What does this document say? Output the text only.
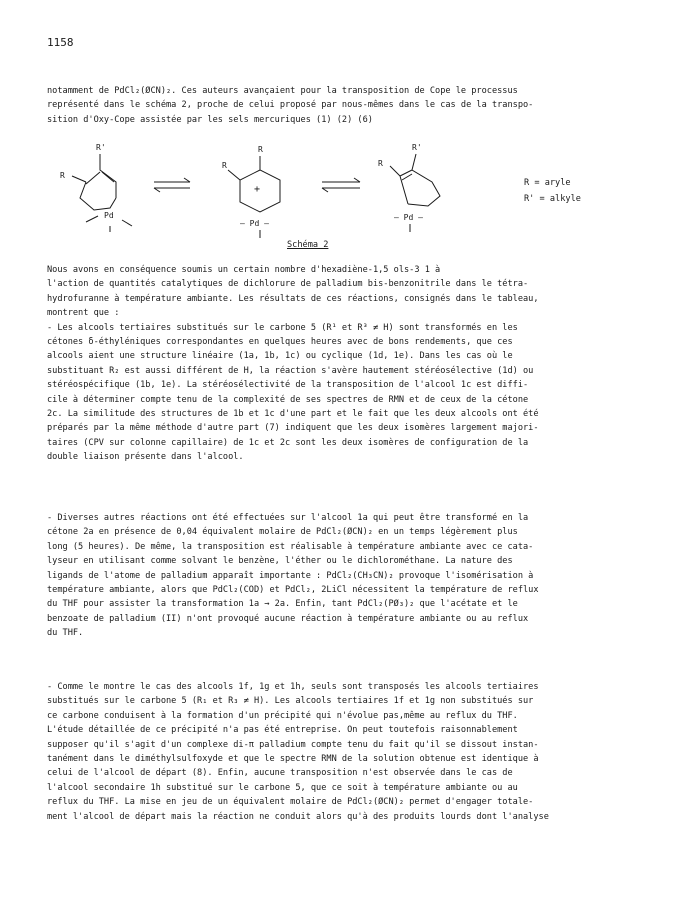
1158

notamment de PdCl₂(ØCN)₂. Ces auteurs avançaient pour la transposition de Cope le processus
représenté dans le schéma 2, proche de celui proposé par nous-mêmes dans le cas de la transpo-
sition d'Oxy-Cope assistée par les sels mercuriques (1) (2) (6)

R'
R
Pd
R
R
+
– Pd –
R'
R
– Pd –
R = aryle
R' = alkyle
Schéma 2

Nous avons en conséquence soumis un certain nombre d'hexadiène-1,5 ols-3 1 à
l'action de quantités catalytiques de dichlorure de palladium bis-benzonitrile dans le tétra-
hydrofuranne à température ambiante. Les résultats de ces réactions, consignés dans le tableau,
montrent que :
- Les alcools tertiaires substitués sur le carbone 5 (R¹ et R³ ≠ H) sont transformés en les
cétones δ-éthyléniques correspondantes en quelques heures avec de bons rendements, que ces
alcools aient une structure linéaire (1a, 1b, 1c) ou cyclique (1d, 1e). Dans les cas où le
substituant R₂ est aussi différent de H, la réaction s'avère hautement stéréosélective (1d) ou
stéréospécifique (1b, 1e). La stéréosélectivité de la transposition de l'alcool 1c est diffi-
cile à déterminer compte tenu de la complexité de ses spectres de RMN et de ceux de la cétone
2c. La similitude des structures de 1b et 1c d'une part et le fait que les deux alcools ont été
préparés par la même méthode d'autre part (7) indiquent que les deux isomères largement majori-
taires (CPV sur colonne capillaire) de 1c et 2c sont les deux isomères de configuration de la
double liaison présente dans l'alcool.

- Diverses autres réactions ont été effectuées sur l'alcool 1a qui peut être transformé en la
cétone 2a en présence de 0,04 équivalent molaire de PdCl₂(ØCN)₂ en un temps légèrement plus
long (5 heures). De même, la transposition est réalisable à température ambiante avec ce cata-
lyseur en utilisant comme solvant le benzène, l'éther ou le dichlorométhane. La nature des
ligands de l'atome de palladium apparaît importante : PdCl₂(CH₃CN)₂ provoque l'isomérisation à
température ambiante, alors que PdCl₂(COD) et PdCl₂, 2LiCl nécessitent la température de reflux
du THF pour assister la transformation 1a → 2a. Enfin, tant PdCl₂(PØ₃)₂ que l'acétate et le
benzoate de palladium (II) n'ont provoqué aucune réaction à température ambiante ou au reflux
du THF.

- Comme le montre le cas des alcools 1f, 1g et 1h, seuls sont transposés les alcools tertiaires
substitués sur le carbone 5 (R₁ et R₃ ≠ H). Les alcools tertiaires 1f et 1g non substitués sur
ce carbone conduisent à la formation d'un précipité qui n'évolue pas,même au reflux du THF.
L'étude détaillée de ce précipité n'a pas été entreprise. On peut toutefois raisonnablement
supposer qu'il s'agit d'un complexe di-π palladium compte tenu du fait qu'il se dissout instan-
tanément dans le diméthylsulfoxyde et que le spectre RMN de la solution obtenue est identique à
celui de l'alcool de départ (8). Enfin, aucune transposition n'est observée dans le cas de
l'alcool secondaire 1h substitué sur le carbone 5, que ce soit à température ambiante ou au
reflux du THF. La mise en jeu de un équivalent molaire de PdCl₂(ØCN)₂ permet d'engager totale-
ment l'alcool de départ mais la réaction ne conduit alors qu'à des produits lourds dont l'analyse
